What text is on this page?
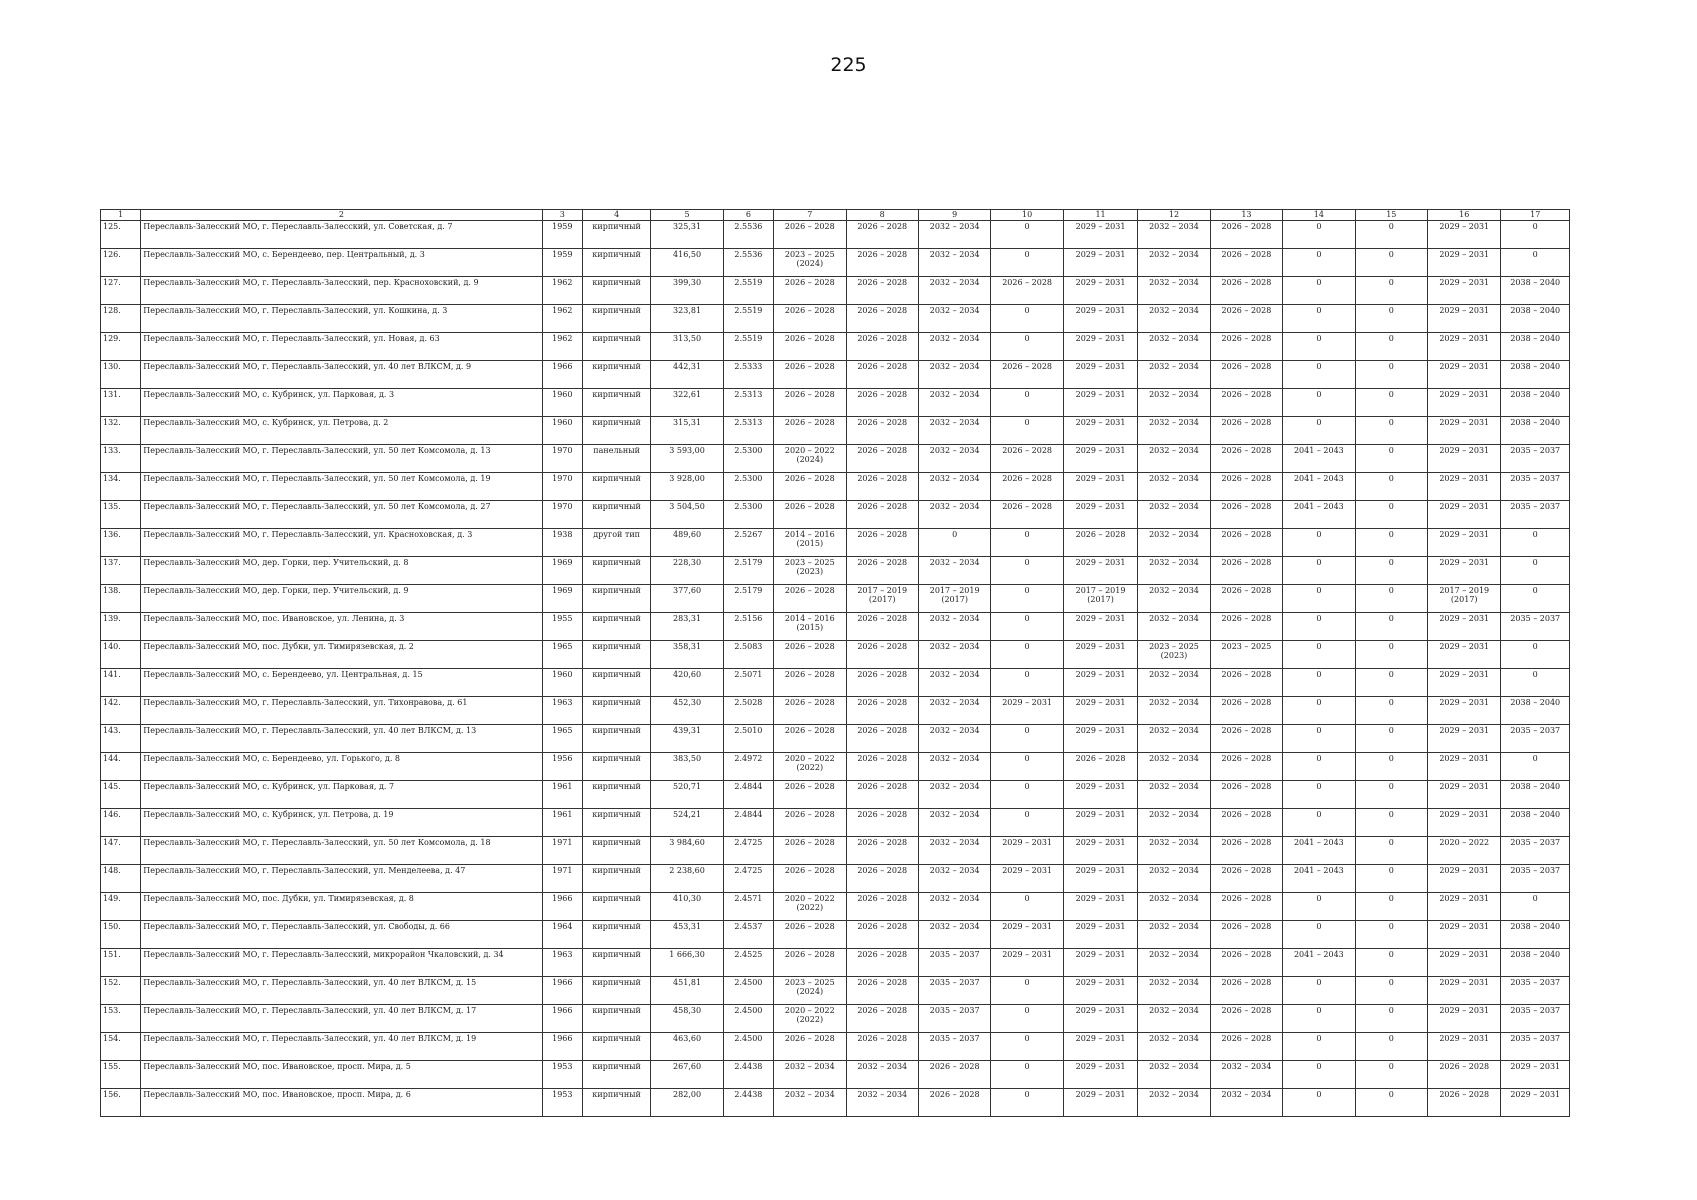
225
1	2	3	4	5	6	7	8	9	10	11	12	13	14	15	16	17
125.	Переславль-Залесский МО, г. Переславль-Залесский, ул. Советская, д. 7	1959	кирпичный	325,31	2.5536	2026 – 2028	2026 – 2028	2032 – 2034	0	2029 – 2031	2032 – 2034	2026 – 2028	0	0	2029 – 2031	0
126.	Переславль-Залесский МО, с. Берендеево, пер. Центральный, д. 3	1959	кирпичный	416,50	2.5536	2023 – 2025
(2024)	2026 – 2028	2032 – 2034	0	2029 – 2031	2032 – 2034	2026 – 2028	0	0	2029 – 2031	0
127.	Переславль-Залесский МО, г. Переславль-Залесский, пер. Красноховский, д. 9	1962	кирпичный	399,30	2.5519	2026 – 2028	2026 – 2028	2032 – 2034	2026 – 2028	2029 – 2031	2032 – 2034	2026 – 2028	0	0	2029 – 2031	2038 – 2040
128.	Переславль-Залесский МО, г. Переславль-Залесский, ул. Кошкина, д. 3	1962	кирпичный	323,81	2.5519	2026 – 2028	2026 – 2028	2032 – 2034	0	2029 – 2031	2032 – 2034	2026 – 2028	0	0	2029 – 2031	2038 – 2040
129.	Переславль-Залесский МО, г. Переславль-Залесский, ул. Новая, д. 63	1962	кирпичный	313,50	2.5519	2026 – 2028	2026 – 2028	2032 – 2034	0	2029 – 2031	2032 – 2034	2026 – 2028	0	0	2029 – 2031	2038 – 2040
130.	Переславль-Залесский МО, г. Переславль-Залесский, ул. 40 лет ВЛКСМ, д. 9	1966	кирпичный	442,31	2.5333	2026 – 2028	2026 – 2028	2032 – 2034	2026 – 2028	2029 – 2031	2032 – 2034	2026 – 2028	0	0	2029 – 2031	2038 – 2040
131.	Переславль-Залесский МО, с. Кубринск, ул. Парковая, д. 3	1960	кирпичный	322,61	2.5313	2026 – 2028	2026 – 2028	2032 – 2034	0	2029 – 2031	2032 – 2034	2026 – 2028	0	0	2029 – 2031	2038 – 2040
132.	Переславль-Залесский МО, с. Кубринск, ул. Петрова, д. 2	1960	кирпичный	315,31	2.5313	2026 – 2028	2026 – 2028	2032 – 2034	0	2029 – 2031	2032 – 2034	2026 – 2028	0	0	2029 – 2031	2038 – 2040
133.	Переславль-Залесский МО, г. Переславль-Залесский, ул. 50 лет Комсомола, д. 13	1970	панельный	3 593,00	2.5300	2020 – 2022
(2024)	2026 – 2028	2032 – 2034	2026 – 2028	2029 – 2031	2032 – 2034	2026 – 2028	2041 – 2043	0	2029 – 2031	2035 – 2037
134.	Переславль-Залесский МО, г. Переславль-Залесский, ул. 50 лет Комсомола, д. 19	1970	кирпичный	3 928,00	2.5300	2026 – 2028	2026 – 2028	2032 – 2034	2026 – 2028	2029 – 2031	2032 – 2034	2026 – 2028	2041 – 2043	0	2029 – 2031	2035 – 2037
135.	Переславль-Залесский МО, г. Переславль-Залесский, ул. 50 лет Комсомола, д. 27	1970	кирпичный	3 504,50	2.5300	2026 – 2028	2026 – 2028	2032 – 2034	2026 – 2028	2029 – 2031	2032 – 2034	2026 – 2028	2041 – 2043	0	2029 – 2031	2035 – 2037
136.	Переславль-Залесский МО, г. Переславль-Залесский, ул. Красноховская, д. 3	1938	другой тип	489,60	2.5267	2014 – 2016
(2015)	2026 – 2028	0	0	2026 – 2028	2032 – 2034	2026 – 2028	0	0	2029 – 2031	0
137.	Переславль-Залесский МО, дер. Горки, пер. Учительский, д. 8	1969	кирпичный	228,30	2.5179	2023 – 2025
(2023)	2026 – 2028	2032 – 2034	0	2029 – 2031	2032 – 2034	2026 – 2028	0	0	2029 – 2031	0
138.	Переславль-Залесский МО, дер. Горки, пер. Учительский, д. 9	1969	кирпичный	377,60	2.5179	2026 – 2028	2017 – 2019
(2017)	2017 – 2019
(2017)	0	2017 – 2019
(2017)	2032 – 2034	2026 – 2028	0	0	2017 – 2019
(2017)	0
139.	Переславль-Залесский МО, пос. Ивановское, ул. Ленина, д. 3	1955	кирпичный	283,31	2.5156	2014 – 2016
(2015)	2026 – 2028	2032 – 2034	0	2029 – 2031	2032 – 2034	2026 – 2028	0	0	2029 – 2031	2035 – 2037
140.	Переславль-Залесский МО, пос. Дубки, ул. Тимирязевская, д. 2	1965	кирпичный	358,31	2.5083	2026 – 2028	2026 – 2028	2032 – 2034	0	2029 – 2031	2023 – 2025
(2023)	2023 – 2025	0	0	2029 – 2031	0
141.	Переславль-Залесский МО, с. Берендеево, ул. Центральная, д. 15	1960	кирпичный	420,60	2.5071	2026 – 2028	2026 – 2028	2032 – 2034	0	2029 – 2031	2032 – 2034	2026 – 2028	0	0	2029 – 2031	0
142.	Переславль-Залесский МО, г. Переславль-Залесский, ул. Тихонравова, д. 61	1963	кирпичный	452,30	2.5028	2026 – 2028	2026 – 2028	2032 – 2034	2029 – 2031	2029 – 2031	2032 – 2034	2026 – 2028	0	0	2029 – 2031	2038 – 2040
143.	Переславль-Залесский МО, г. Переславль-Залесский, ул. 40 лет ВЛКСМ, д. 13	1965	кирпичный	439,31	2.5010	2026 – 2028	2026 – 2028	2032 – 2034	0	2029 – 2031	2032 – 2034	2026 – 2028	0	0	2029 – 2031	2035 – 2037
144.	Переславль-Залесский МО, с. Берендеево, ул. Горького, д. 8	1956	кирпичный	383,50	2.4972	2020 – 2022
(2022)	2026 – 2028	2032 – 2034	0	2026 – 2028	2032 – 2034	2026 – 2028	0	0	2029 – 2031	0
145.	Переславль-Залесский МО, с. Кубринск, ул. Парковая, д. 7	1961	кирпичный	520,71	2.4844	2026 – 2028	2026 – 2028	2032 – 2034	0	2029 – 2031	2032 – 2034	2026 – 2028	0	0	2029 – 2031	2038 – 2040
146.	Переславль-Залесский МО, с. Кубринск, ул. Петрова, д. 19	1961	кирпичный	524,21	2.4844	2026 – 2028	2026 – 2028	2032 – 2034	0	2029 – 2031	2032 – 2034	2026 – 2028	0	0	2029 – 2031	2038 – 2040
147.	Переславль-Залесский МО, г. Переславль-Залесский, ул. 50 лет Комсомола, д. 18	1971	кирпичный	3 984,60	2.4725	2026 – 2028	2026 – 2028	2032 – 2034	2029 – 2031	2029 – 2031	2032 – 2034	2026 – 2028	2041 – 2043	0	2020 – 2022	2035 – 2037
148.	Переславль-Залесский МО, г. Переславль-Залесский, ул. Менделеева, д. 47	1971	кирпичный	2 238,60	2.4725	2026 – 2028	2026 – 2028	2032 – 2034	2029 – 2031	2029 – 2031	2032 – 2034	2026 – 2028	2041 – 2043	0	2029 – 2031	2035 – 2037
149.	Переславль-Залесский МО, пос. Дубки, ул. Тимирязевская, д. 8	1966	кирпичный	410,30	2.4571	2020 – 2022
(2022)	2026 – 2028	2032 – 2034	0	2029 – 2031	2032 – 2034	2026 – 2028	0	0	2029 – 2031	0
150.	Переславль-Залесский МО, г. Переславль-Залесский, ул. Свободы, д. 66	1964	кирпичный	453,31	2.4537	2026 – 2028	2026 – 2028	2032 – 2034	2029 – 2031	2029 – 2031	2032 – 2034	2026 – 2028	0	0	2029 – 2031	2038 – 2040
151.	Переславль-Залесский МО, г. Переславль-Залесский, микрорайон Чкаловский, д. 34	1963	кирпичный	1 666,30	2.4525	2026 – 2028	2026 – 2028	2035 – 2037	2029 – 2031	2029 – 2031	2032 – 2034	2026 – 2028	2041 – 2043	0	2029 – 2031	2038 – 2040
152.	Переславль-Залесский МО, г. Переславль-Залесский, ул. 40 лет ВЛКСМ, д. 15	1966	кирпичный	451,81	2.4500	2023 – 2025
(2024)	2026 – 2028	2035 – 2037	0	2029 – 2031	2032 – 2034	2026 – 2028	0	0	2029 – 2031	2035 – 2037
153.	Переславль-Залесский МО, г. Переславль-Залесский, ул. 40 лет ВЛКСМ, д. 17	1966	кирпичный	458,30	2.4500	2020 – 2022
(2022)	2026 – 2028	2035 – 2037	0	2029 – 2031	2032 – 2034	2026 – 2028	0	0	2029 – 2031	2035 – 2037
154.	Переславль-Залесский МО, г. Переславль-Залесский, ул. 40 лет ВЛКСМ, д. 19	1966	кирпичный	463,60	2.4500	2026 – 2028	2026 – 2028	2035 – 2037	0	2029 – 2031	2032 – 2034	2026 – 2028	0	0	2029 – 2031	2035 – 2037
155.	Переславль-Залесский МО, пос. Ивановское, просп. Мира, д. 5	1953	кирпичный	267,60	2.4438	2032 – 2034	2032 – 2034	2026 – 2028	0	2029 – 2031	2032 – 2034	2032 – 2034	0	0	2026 – 2028	2029 – 2031
156.	Переславль-Залесский МО, пос. Ивановское, просп. Мира, д. 6	1953	кирпичный	282,00	2.4438	2032 – 2034	2032 – 2034	2026 – 2028	0	2029 – 2031	2032 – 2034	2032 – 2034	0	0	2026 – 2028	2029 – 2031
